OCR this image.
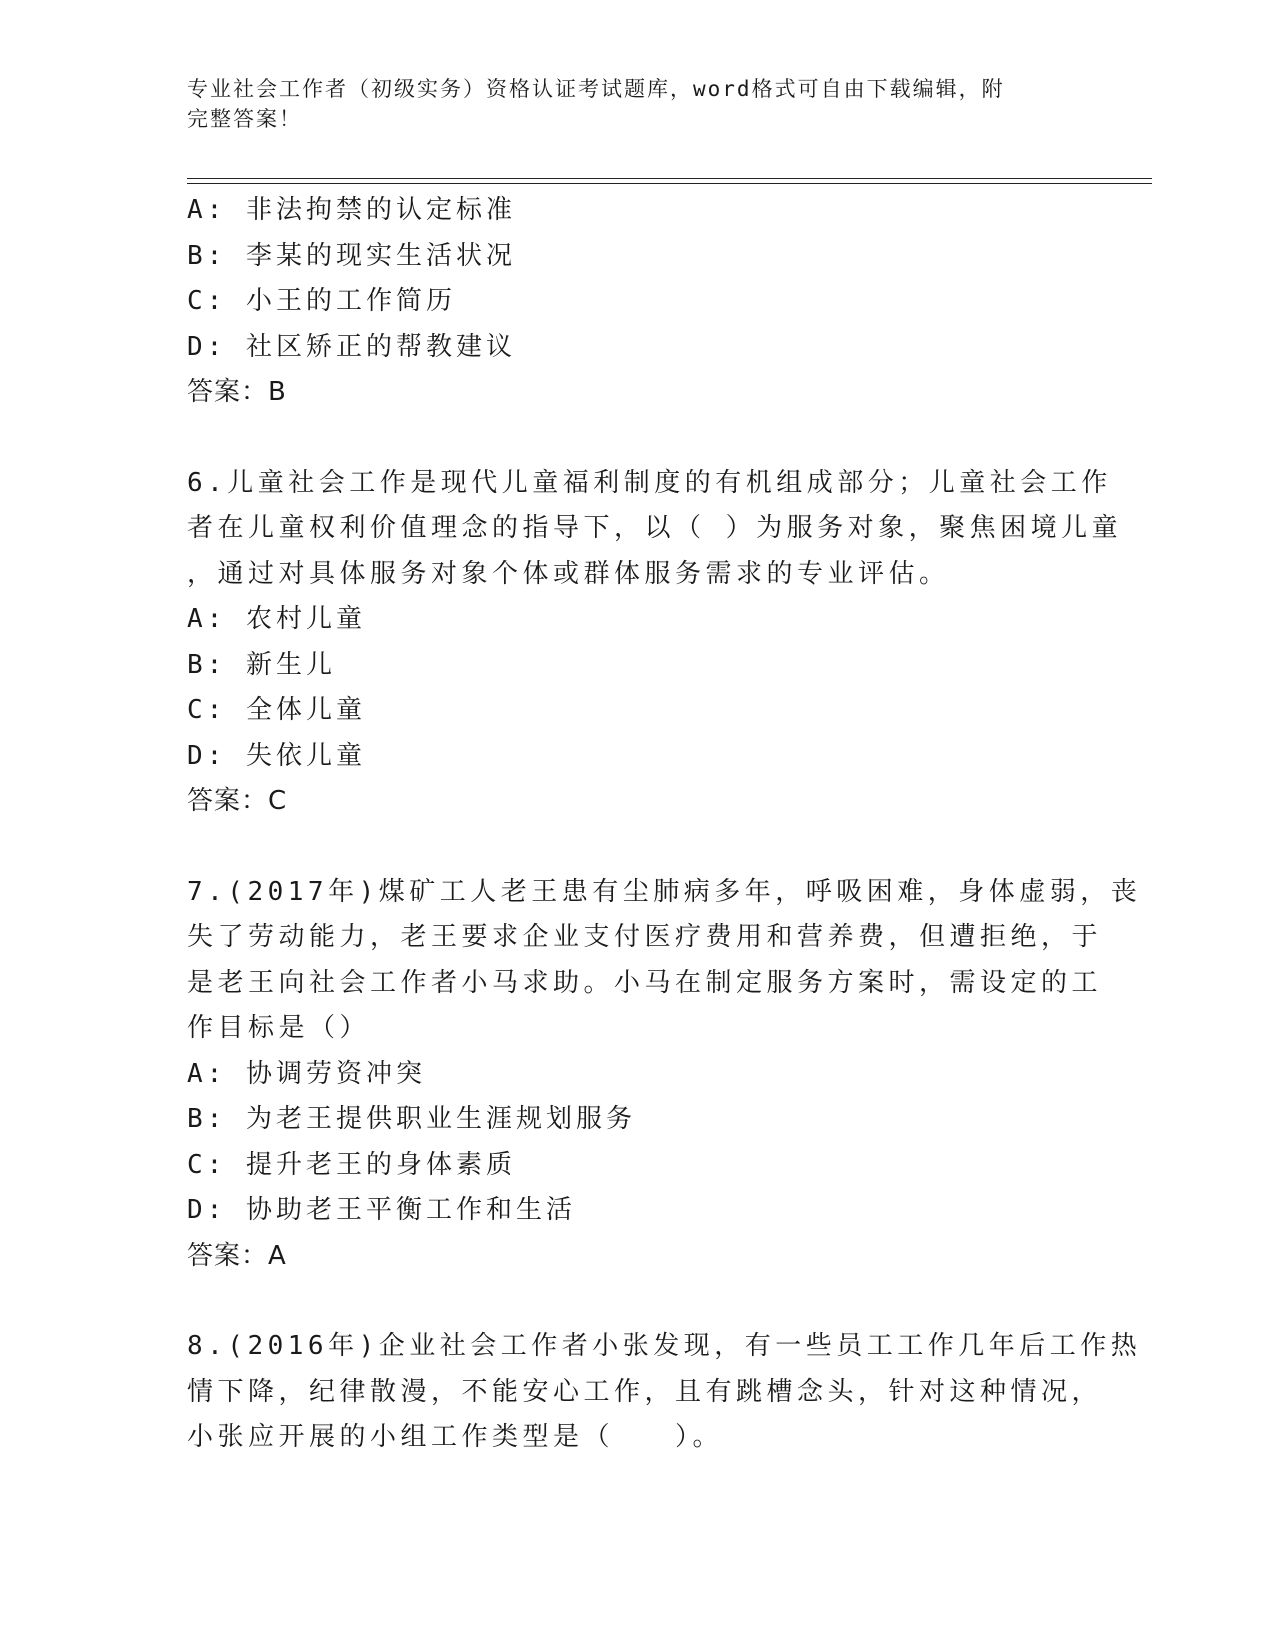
专业社会工作者（初级实务）资格认证考试题库，word格式可自由下载编辑，附
完整答案！
A: 非法拘禁的认定标准
B: 李某的现实生活状况
C: 小王的工作简历
D: 社区矫正的帮教建议
答案：B
6.儿童社会工作是现代儿童福利制度的有机组成部分；儿童社会工作
者在儿童权利价值理念的指导下，以（ ）为服务对象，聚焦困境儿童
，通过对具体服务对象个体或群体服务需求的专业评估。
A: 农村儿童
B: 新生儿
C: 全体儿童
D: 失依儿童
答案：C
7.(2017年)煤矿工人老王患有尘肺病多年，呼吸困难，身体虚弱，丧
失了劳动能力，老王要求企业支付医疗费用和营养费，但遭拒绝，于
是老王向社会工作者小马求助。小马在制定服务方案时，需设定的工
作目标是（）
A: 协调劳资冲突
B: 为老王提供职业生涯规划服务
C: 提升老王的身体素质
D: 协助老王平衡工作和生活
答案：A
8.(2016年)企业社会工作者小张发现，有一些员工工作几年后工作热
情下降，纪律散漫，不能安心工作，且有跳槽念头，针对这种情况，
小张应开展的小组工作类型是（　　）。
